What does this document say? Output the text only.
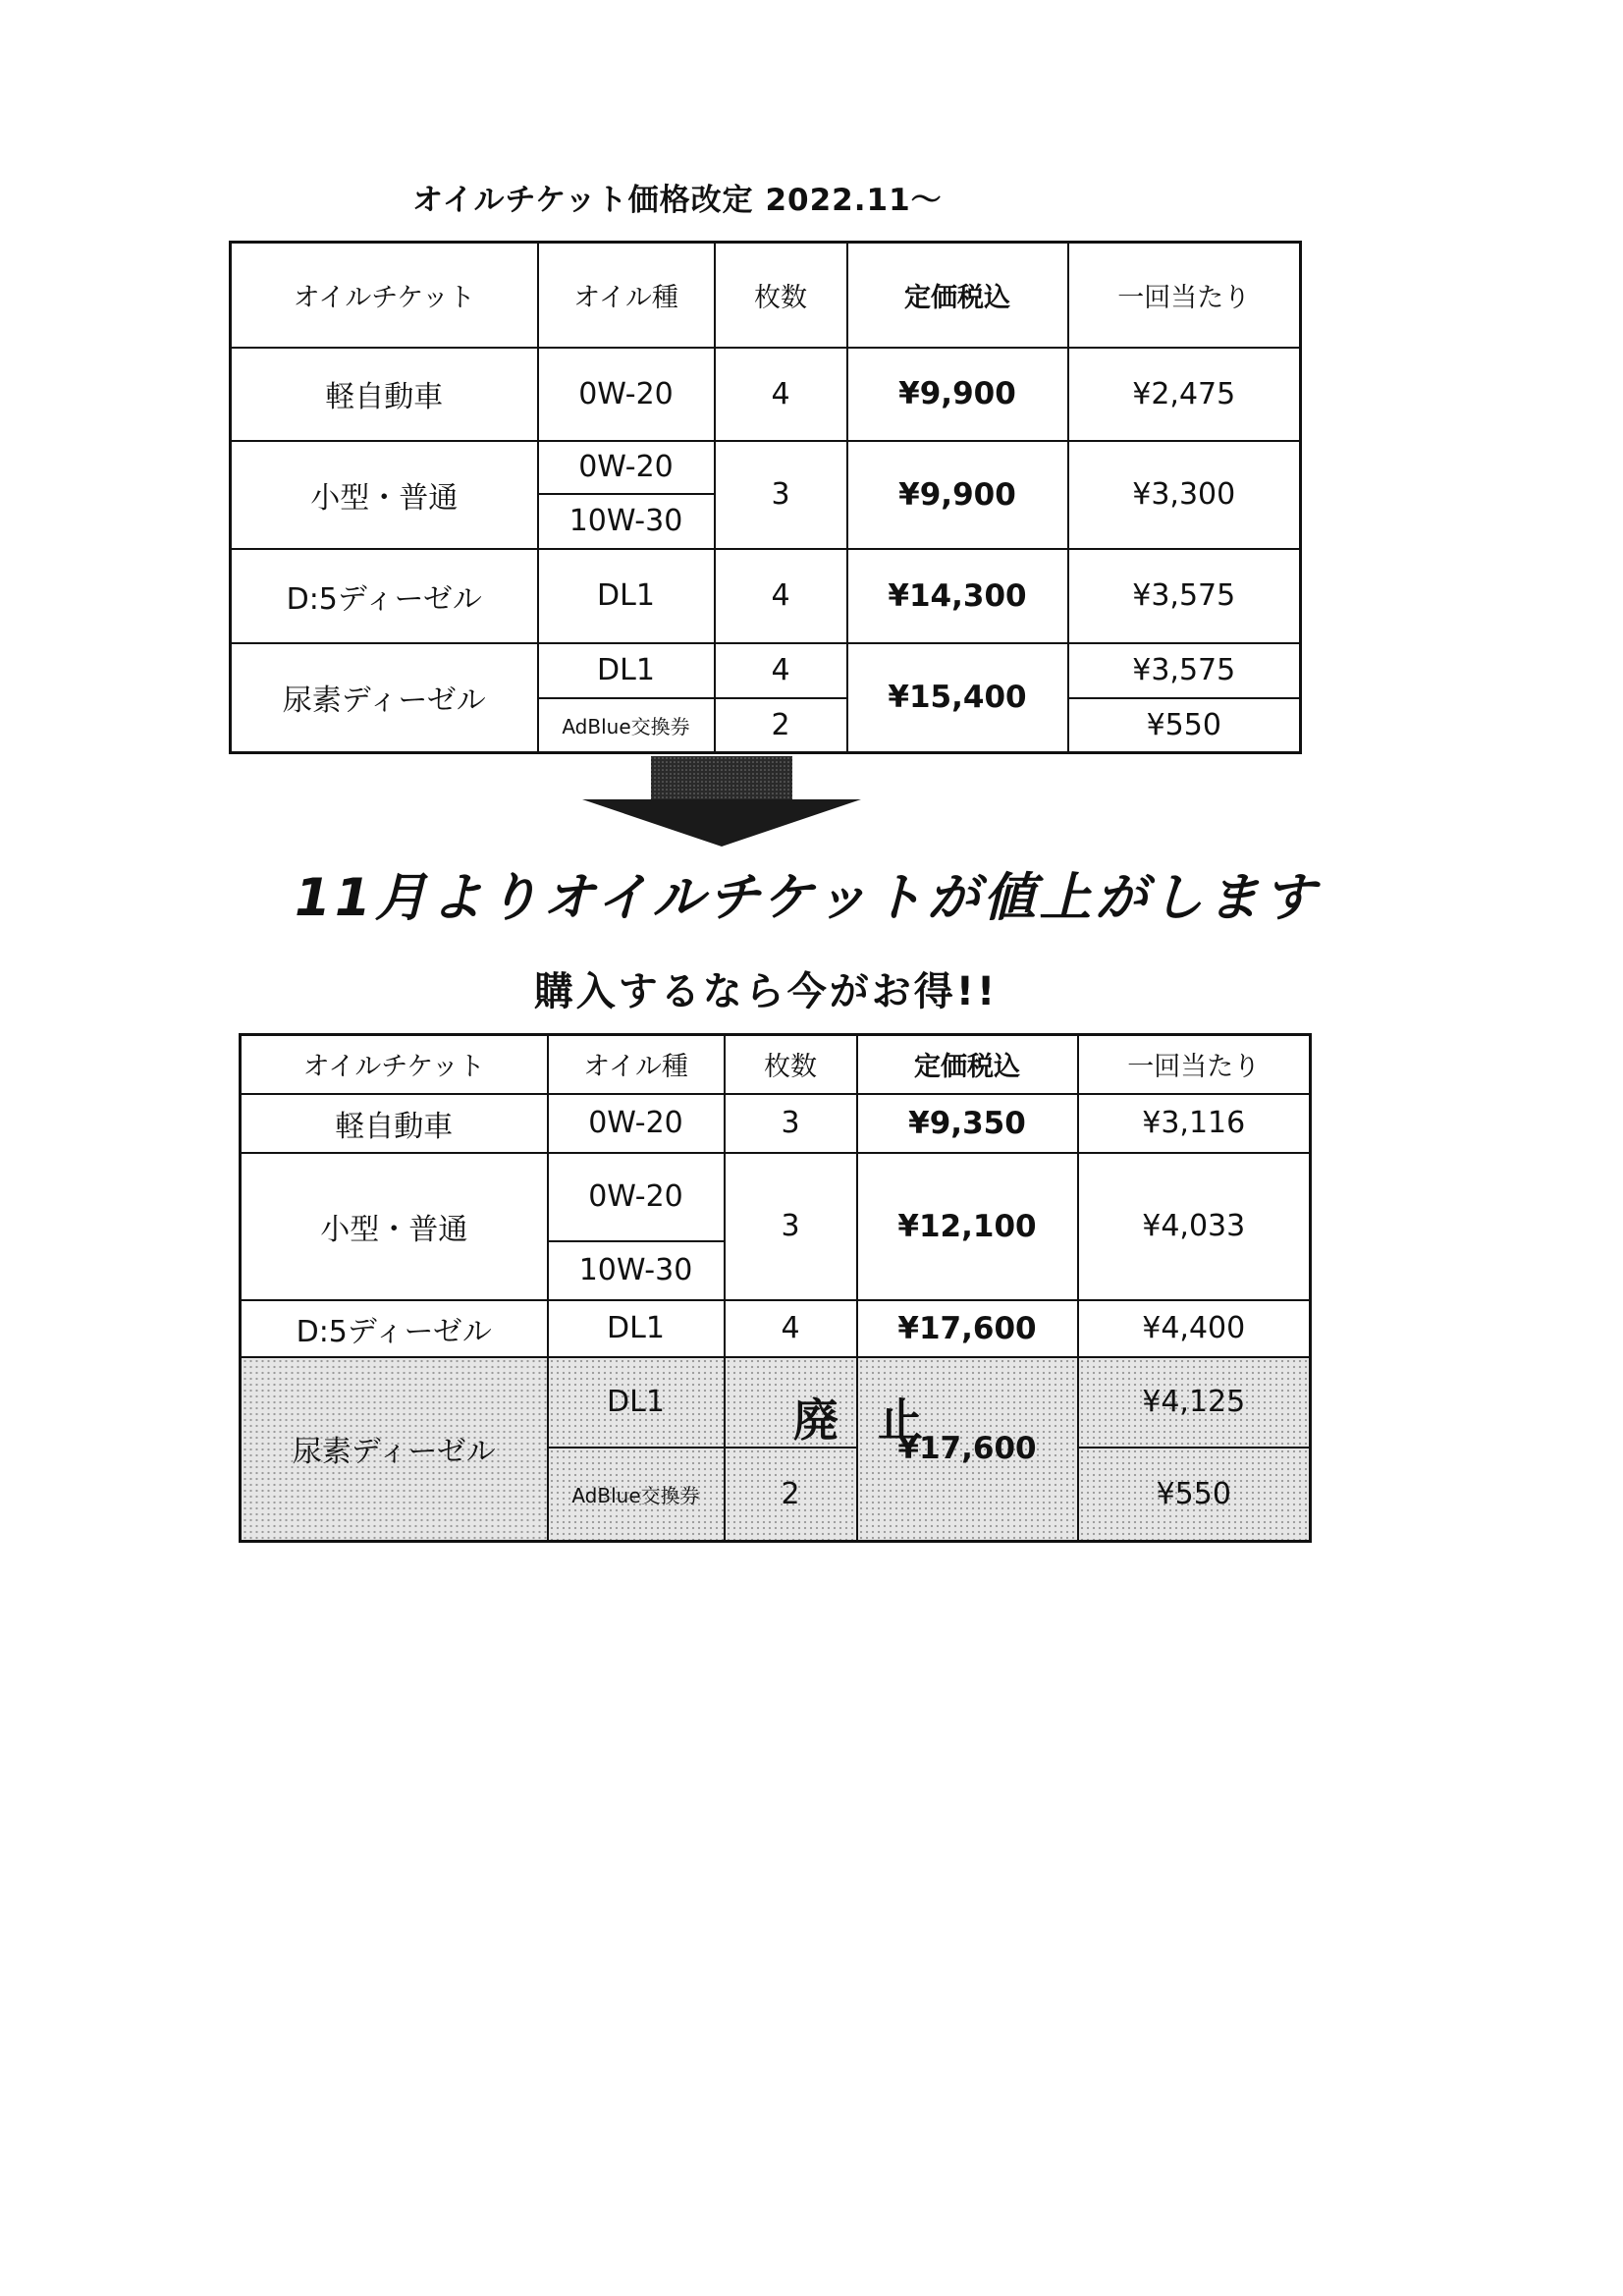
オイルチケット価格改定 2022.11～
オイルチケット	オイル種	枚数	定価税込	一回当たり
軽自動車	0W-20	4	¥9,900	¥2,475
小型・普通	0W-20	3	¥9,900	¥3,300
	10W-30			
D:5ディーゼル	DL1	4	¥14,300	¥3,575
尿素ディーゼル	DL1	4	¥15,400	¥3,575
	AdBlue交換券	2		¥550
11月よりオイルチケットが値上がします
購入するなら今がお得!!
オイルチケット	オイル種	枚数	定価税込	一回当たり
軽自動車	0W-20	3	¥9,350	¥3,116
小型・普通	0W-20	3	¥12,100	¥4,033
	10W-30			
D:5ディーゼル	DL1	4	¥17,600	¥4,400
尿素ディーゼル	DL1		¥17,600	¥4,125
	AdBlue交換券	2		¥550
廃止
